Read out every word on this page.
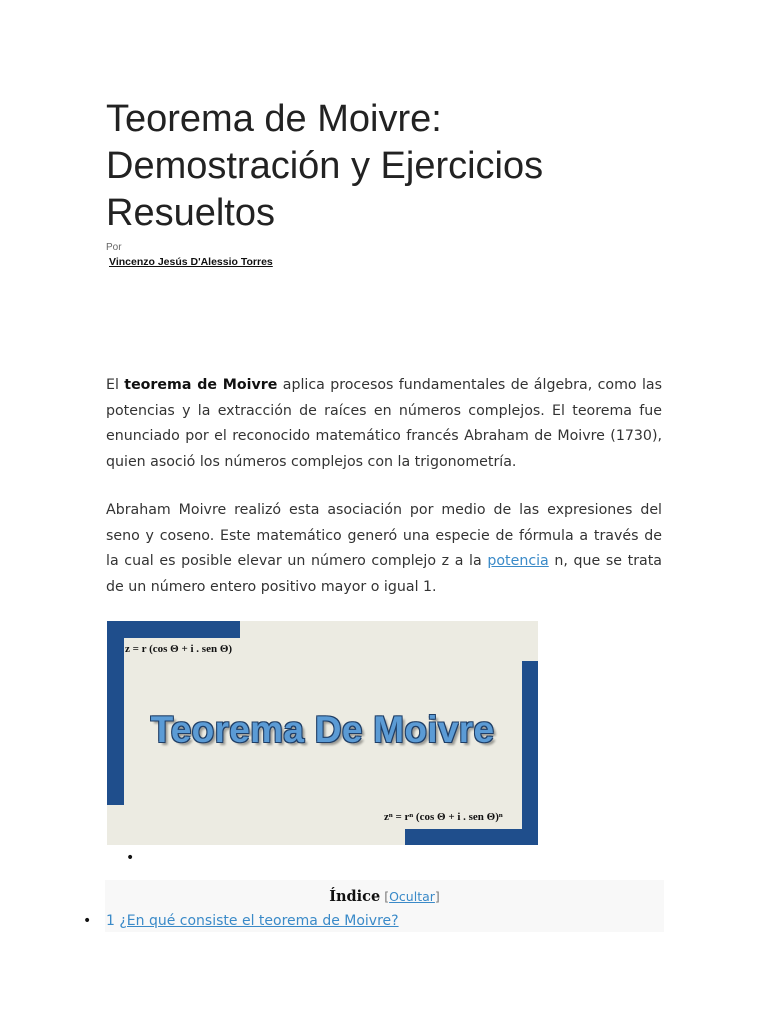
Teorema de Moivre: Demostración y Ejercicios Resueltos
Por
Vincenzo Jesús D'Alessio Torres

El teorema de Moivre aplica procesos fundamentales de álgebra, como las potencias y la extracción de raíces en números complejos. El teorema fue enunciado por el reconocido matemático francés Abraham de Moivre (1730), quien asoció los números complejos con la trigonometría.

Abraham Moivre realizó esta asociación por medio de las expresiones del seno y coseno. Este matemático generó una especie de fórmula a través de la cual es posible elevar un número complejo z a la potencia n, que se trata de un número entero positivo mayor o igual 1.

z = r (cos Θ + i . sen Θ)
Teorema De Moivre
zⁿ = rⁿ (cos Θ + i . sen Θ)ⁿ
•
Índice [Ocultar]
• 1 ¿En qué consiste el teorema de Moivre?
